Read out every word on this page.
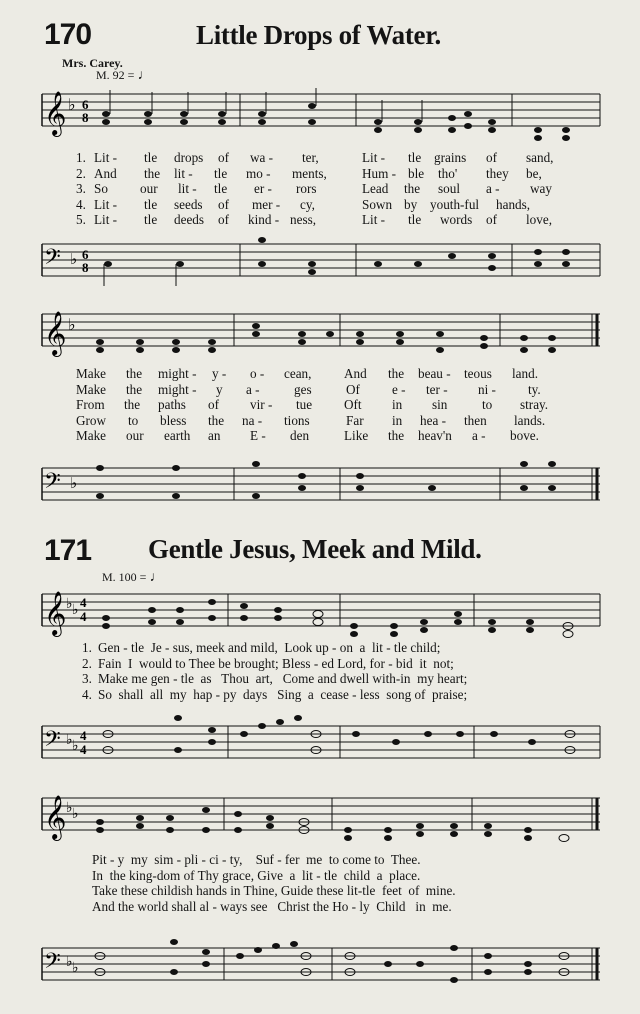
170	Little Drops of Water.
Mrs. Carey.
M. 92 = ♩
𝄞 ♭ 6
8
𝄢 ♭ 6
8
1. Lit - tle drops of wa - ter,	Lit - tle grains of sand,
2. And the lit - tle mo - ments,	Hum - ble tho' they be,
3. So our lit - tle er - rors	Lead the soul a - way
4. Lit - tle seeds of mer - cy,	Sown by youth-ful hands,
5. Lit - tle deeds of kind - ness,	Lit - tle words of love,
𝄞 ♭
𝄢 ♭
Make the might - y - o - cean, And the beau - teous land.
Make the might - y a -	ges	Of e - ter - ni - ty.
From the paths of vir - tue Oft in sin	to stray.
Grow to bless the na - tions	Far in hea - then lands.
Make our earth an E - den	Like the heav'n a - bove.
171 Gentle Jesus, Meek and Mild.
M. 100 = ♩
𝄞 ♭ ♭ 4
4
𝄢 ♭ ♭
4
4
1. Gen - tle  Je - sus, meek and mild,  Look up - on  a  lit - tle child;
2. Fain  I  would to Thee be brought; Bless - ed Lord, for - bid  it  not;
3. Make me gen - tle  as   Thou  art,   Come and dwell with-in  my heart;
4. So  shall  all  my  hap - py  days   Sing  a  cease - less  song of  praise;
𝄞 ♭ ♭
𝄢 ♭ ♭
Pit - y  my  sim - pli - ci - ty,    Suf - fer  me  to come to  Thee.
In  the king-dom of Thy grace, Give  a  lit - tle  child  a  place.
Take these childish hands in Thine, Guide these lit-tle  feet  of  mine.
And the world shall al - ways see   Christ the Ho - ly  Child   in  me.
